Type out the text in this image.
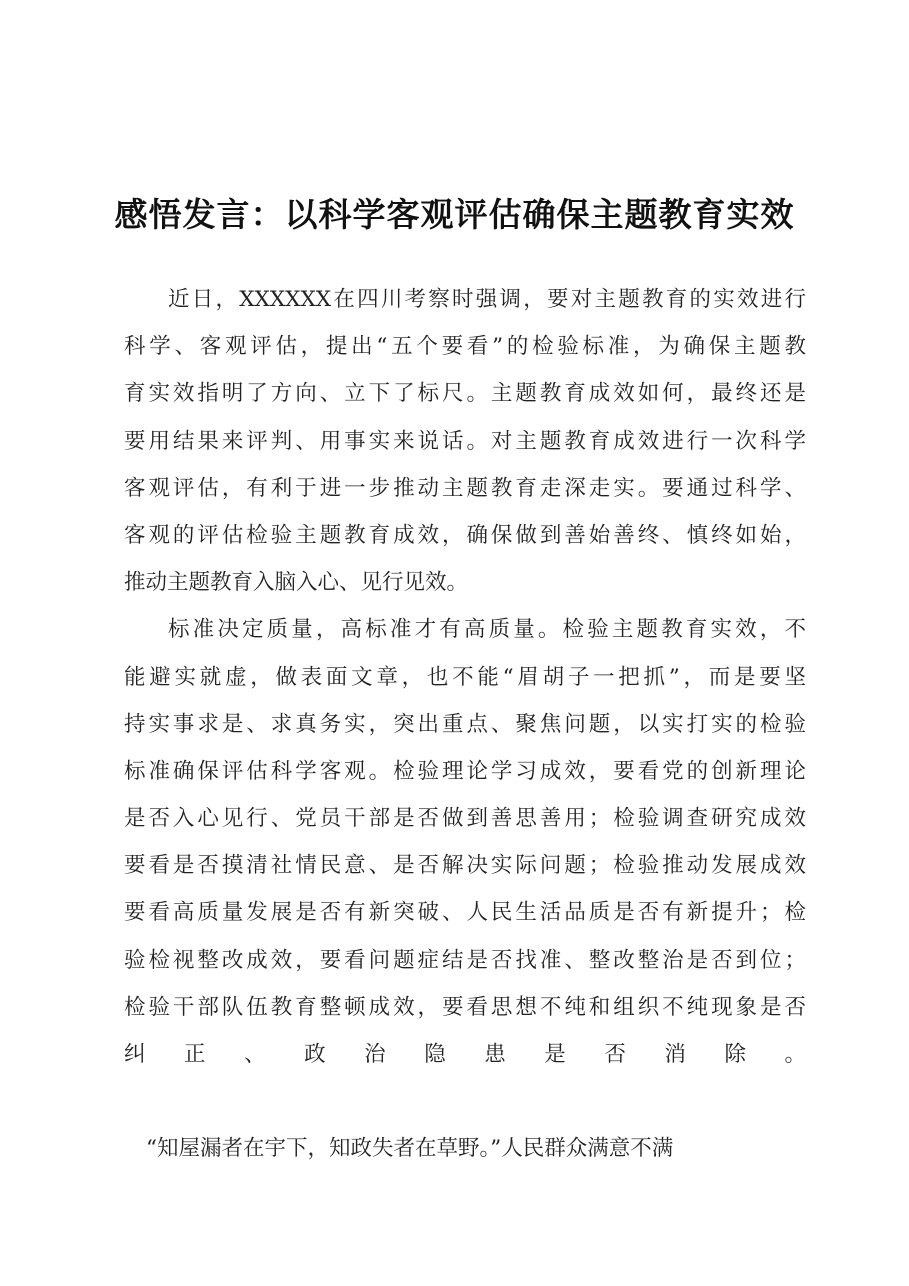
感悟发言：以科学客观评估确保主题教育实效
近日，XXXXXX在四川考察时强调，要对主题教育的实效进行
科学、客观评估，提出“五个要看”的检验标准，为确保主题教
育实效指明了方向、立下了标尺。主题教育成效如何，最终还是
要用结果来评判、用事实来说话。对主题教育成效进行一次科学
客观评估，有利于进一步推动主题教育走深走实。要通过科学、
客观的评估检验主题教育成效，确保做到善始善终、慎终如始，
推动主题教育入脑入心、见行见效。
标准决定质量，高标准才有高质量。检验主题教育实效，不
能避实就虚，做表面文章，也不能“眉胡子一把抓”，而是要坚
持实事求是、求真务实，突出重点、聚焦问题，以实打实的检验
标准确保评估科学客观。检验理论学习成效，要看党的创新理论
是否入心见行、党员干部是否做到善思善用；检验调查研究成效
要看是否摸清社情民意、是否解决实际问题；检验推动发展成效
要看高质量发展是否有新突破、人民生活品质是否有新提升；检
验检视整改成效，要看问题症结是否找准、整改整治是否到位；
检验干部队伍教育整顿成效，要看思想不纯和组织不纯现象是否
纠正、政治隐患是否消除。
“知屋漏者在宇下，知政失者在草野。”人民群众满意不满
